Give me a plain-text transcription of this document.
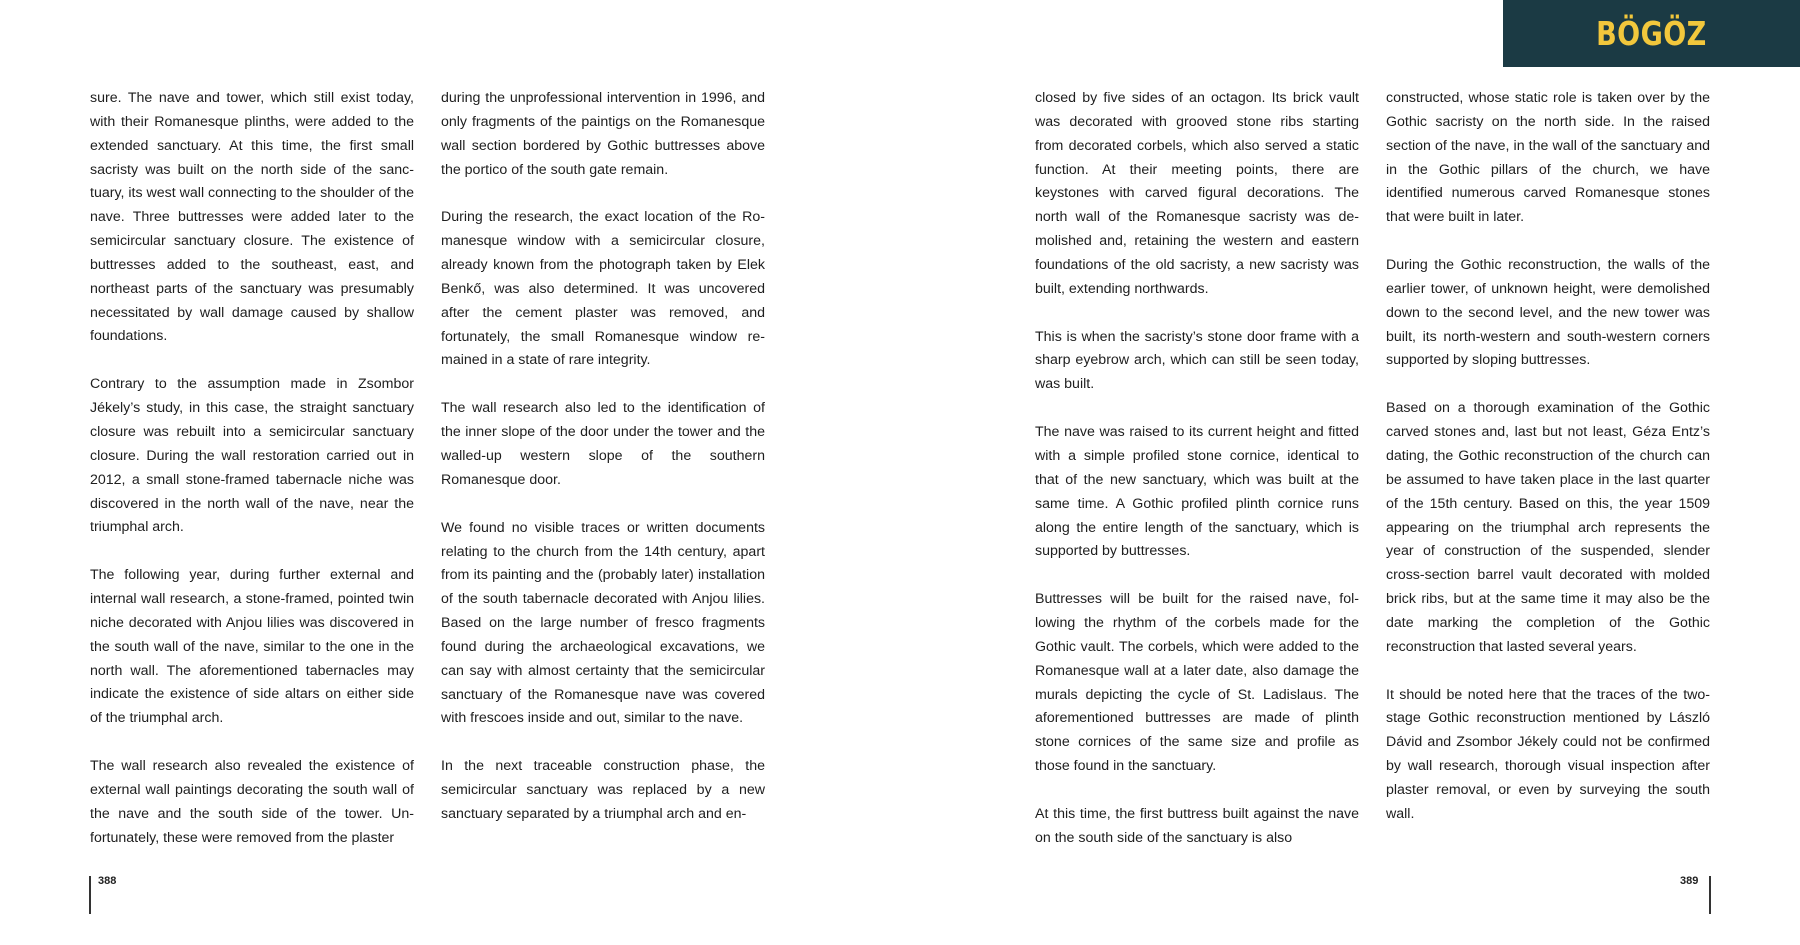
sure. The nave and tower, which still exist today, with their Romanesque plinths, were added to the extended sanctuary. At this time, the first small sacristy was built on the north side of the sanctuary, its west wall connecting to the shoulder of the nave. Three buttresses were added later to the semicircular sanctuary closure. The existence of buttresses added to the southeast, east, and northeast parts of the sanctuary was presumably necessitated by wall damage caused by shallow foundations.

Contrary to the assumption made in Zsombor Jékely’s study, in this case, the straight sanctuary closure was rebuilt into a semicircular sanctuary closure. During the wall restoration carried out in 2012, a small stone-framed tabernacle niche was discovered in the north wall of the nave, near the triumphal arch.

The following year, during further external and internal wall research, a stone-framed, pointed twin niche decorated with Anjou lilies was discovered in the south wall of the nave, similar to the one in the north wall. The aforementioned tabernacles may indicate the existence of side altars on either side of the triumphal arch.

The wall research also revealed the existence of external wall paintings decorating the south wall of the nave and the south side of the tower. Unfortunately, these were removed from the plaster

during the unprofessional intervention in 1996, and only fragments of the paintigs on the Romanesque wall section bordered by Gothic buttresses above the portico of the south gate remain.

During the research, the exact location of the Romanesque window with a semicircular closure, already known from the photograph taken by Elek Benkő, was also determined. It was uncovered after the cement plaster was removed, and fortunately, the small Romanesque window remained in a state of rare integrity.

The wall research also led to the identification of the inner slope of the door under the tower and the walled-up western slope of the southern Romanesque door.

We found no visible traces or written documents relating to the church from the 14th century, apart from its painting and the (probably later) installation of the south tabernacle decorated with Anjou lilies. Based on the large number of fresco fragments found during the archaeological excavations, we can say with almost certainty that the semicircular sanctuary of the Romanesque nave was covered with frescoes inside and out, similar to the nave.

In the next traceable construction phase, the semicircular sanctuary was replaced by a new sanctuary separated by a triumphal arch and en-

388

closed by five sides of an octagon. Its brick vault was decorated with grooved stone ribs starting from decorated corbels, which also served a static function. At their meeting points, there are keystones with carved figural decorations. The north wall of the Romanesque sacristy was demolished and, retaining the western and eastern foundations of the old sacristy, a new sacristy was built, extending northwards.

This is when the sacristy’s stone door frame with a sharp eyebrow arch, which can still be seen today, was built.

The nave was raised to its current height and fitted with a simple profiled stone cornice, identical to that of the new sanctuary, which was built at the same time. A Gothic profiled plinth cornice runs along the entire length of the sanctuary, which is supported by buttresses.

Buttresses will be built for the raised nave, following the rhythm of the corbels made for the Gothic vault. The corbels, which were added to the Romanesque wall at a later date, also damage the murals depicting the cycle of St. Ladislaus. The aforementioned buttresses are made of plinth stone cornices of the same size and profile as those found in the sanctuary.

At this time, the first buttress built against the nave on the south side of the sanctuary is also

constructed, whose static role is taken over by the Gothic sacristy on the north side. In the raised section of the nave, in the wall of the sanctuary and in the Gothic pillars of the church, we have identified numerous carved Romanesque stones that were built in later.

During the Gothic reconstruction, the walls of the earlier tower, of unknown height, were demolished down to the second level, and the new tower was built, its north-western and south-western corners supported by sloping buttresses.

Based on a thorough examination of the Gothic carved stones and, last but not least, Géza Entz’s dating, the Gothic reconstruction of the church can be assumed to have taken place in the last quarter of the 15th century. Based on this, the year 1509 appearing on the triumphal arch represents the year of construction of the suspended, slender cross-section barrel vault decorated with molded brick ribs, but at the same time it may also be the date marking the completion of the Gothic reconstruction that lasted several years.

It should be noted here that the traces of the two-stage Gothic reconstruction mentioned by László Dávid and Zsombor Jékely could not be confirmed by wall research, thorough visual inspection after plaster removal, or even by surveying the south wall.

389
BÖGÖZ
